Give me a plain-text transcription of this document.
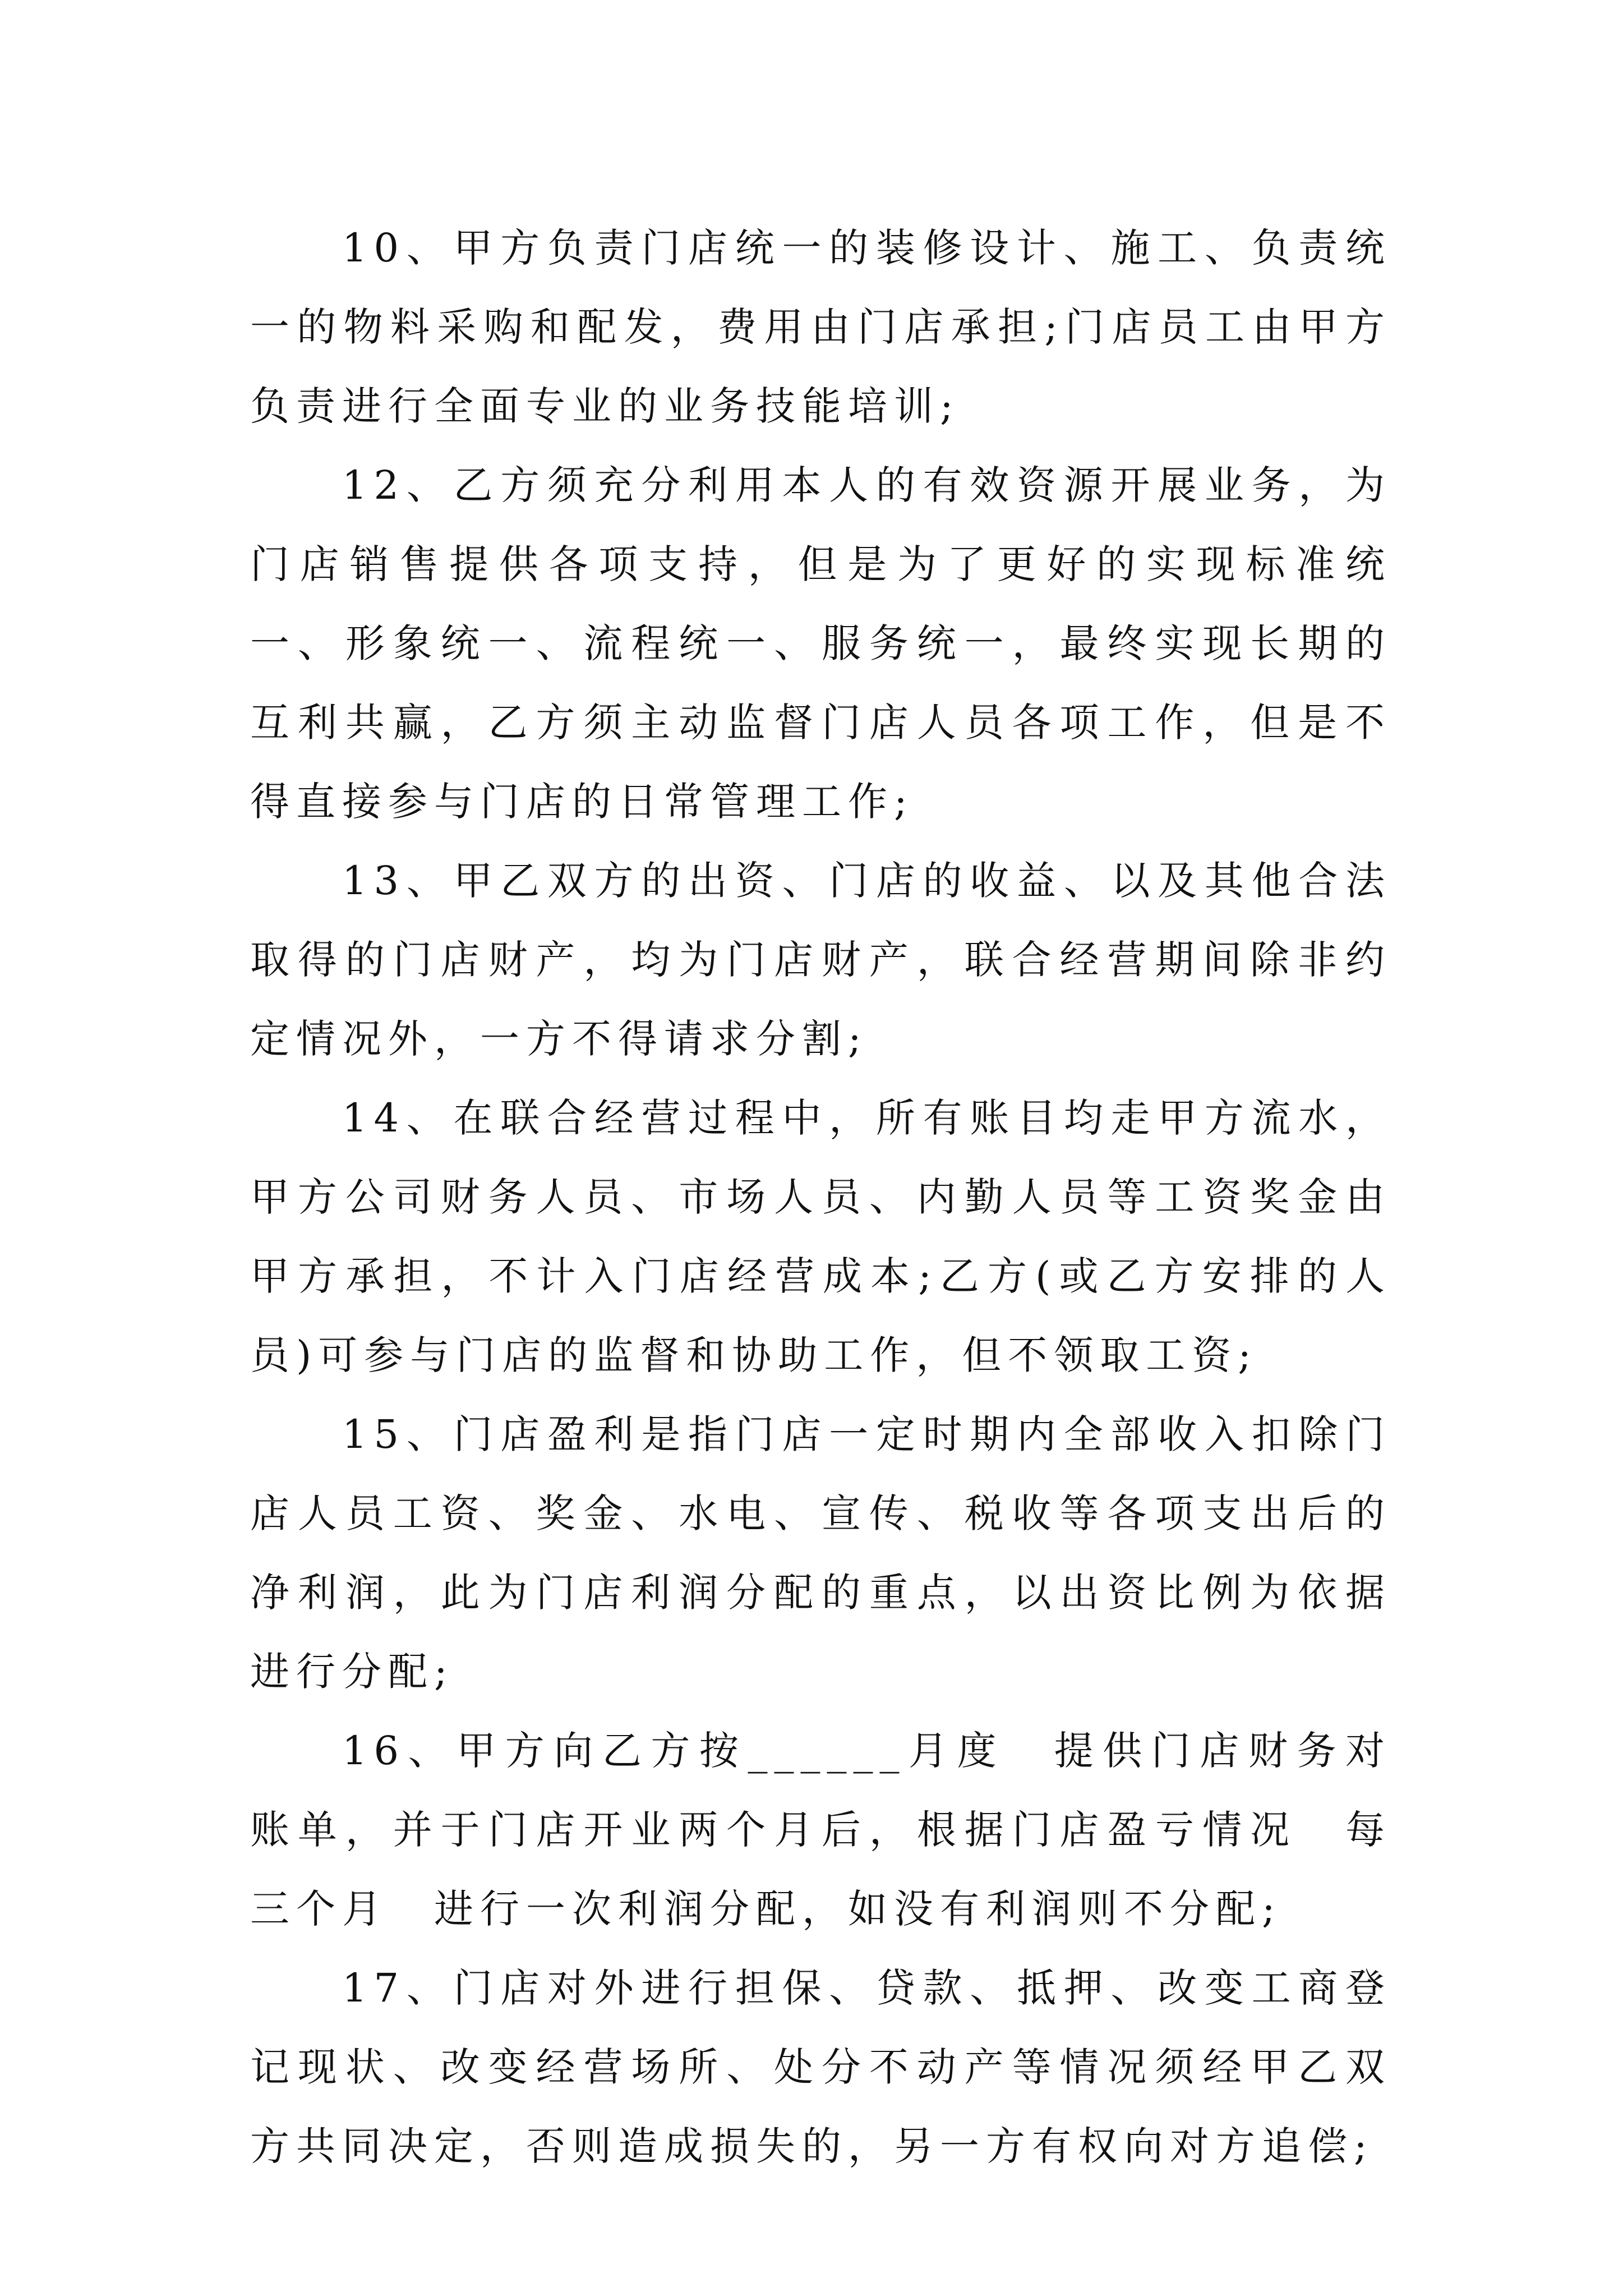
10、甲方负责门店统一的装修设计、施工、负责统一的物料采购和配发，费用由门店承担;门店员工由甲方负责进行全面专业的业务技能培训;

12、乙方须充分利用本人的有效资源开展业务，为门店销售提供各项支持，但是为了更好的实现标准统一、形象统一、流程统一、服务统一，最终实现长期的互利共赢，乙方须主动监督门店人员各项工作，但是不得直接参与门店的日常管理工作;

13、甲乙双方的出资、门店的收益、以及其他合法取得的门店财产，均为门店财产，联合经营期间除非约定情况外，一方不得请求分割;

14、在联合经营过程中，所有账目均走甲方流水，甲方公司财务人员、市场人员、内勤人员等工资奖金由甲方承担，不计入门店经营成本;乙方(或乙方安排的人员)可参与门店的监督和协助工作，但不领取工资;

15、门店盈利是指门店一定时期内全部收入扣除门店人员工资、奖金、水电、宣传、税收等各项支出后的净利润，此为门店利润分配的重点，以出资比例为依据进行分配;

16、甲方向乙方按______月度　提供门店财务对账单，并于门店开业两个月后，根据门店盈亏情况　每三个月　进行一次利润分配，如没有利润则不分配;

17、门店对外进行担保、贷款、抵押、改变工商登记现状、改变经营场所、处分不动产等情况须经甲乙双方共同决定，否则造成损失的，另一方有权向对方追偿;
